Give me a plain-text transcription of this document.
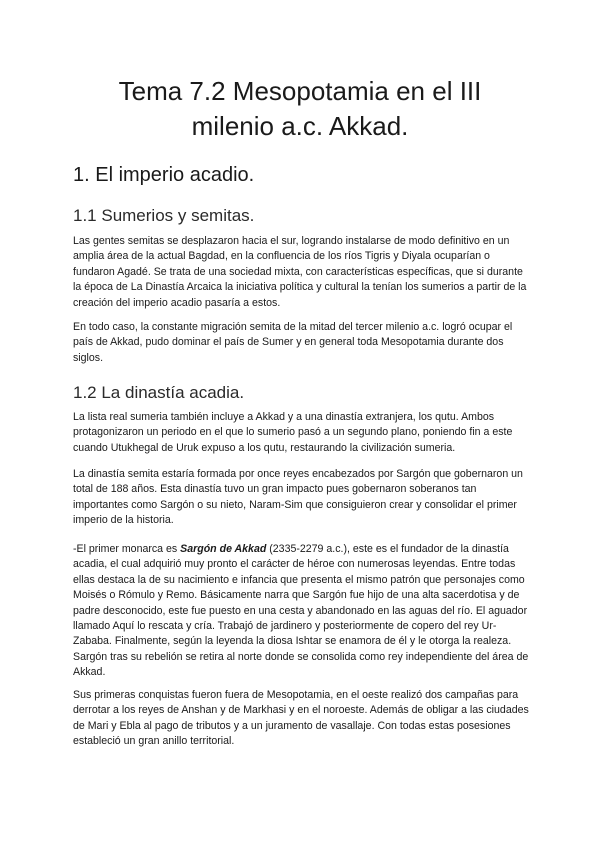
Tema 7.2 Mesopotamia en el III
milenio a.c. Akkad.
1. El imperio acadio.
1.1 Sumerios y semitas.

Las gentes semitas se desplazaron hacia el sur, logrando instalarse de modo definitivo en un amplia área de la actual Bagdad, en la confluencia de los ríos Tigris y Diyala ocuparían o fundaron Agadé. Se trata de una sociedad mixta, con características específicas, que si durante la época de La Dinastía Arcaica la iniciativa política y cultural la tenían los sumerios a partir de la creación del imperio acadio pasaría a estos.

En todo caso, la constante migración semita de la mitad del tercer milenio a.c. logró ocupar el país de Akkad, pudo dominar el país de Sumer y en general toda Mesopotamia durante dos siglos.

1.2 La dinastía acadia.

La lista real sumeria también incluye a Akkad y a una dinastía extranjera, los qutu. Ambos protagonizaron un periodo en el que lo sumerio pasó a un segundo plano, poniendo fin a este cuando Utukhegal de Uruk expuso a los qutu, restaurando la civilización sumeria.

La dinastía semita estaría formada por once reyes encabezados por Sargón que gobernaron un total de 188 años. Esta dinastía tuvo un gran impacto pues gobernaron soberanos tan importantes como Sargón o su nieto, Naram-Sim que consiguieron crear y consolidar el primer imperio de la historia.

-El primer monarca es Sargón de Akkad (2335-2279 a.c.), este es el fundador de la dinastía acadia, el cual adquirió muy pronto el carácter de héroe con numerosas leyendas. Entre todas ellas destaca la de su nacimiento e infancia que presenta el mismo patrón que personajes como Moisés o Rómulo y Remo. Básicamente narra que Sargón fue hijo de una alta sacerdotisa y de padre desconocido, este fue puesto en una cesta y abandonado en las aguas del río. El aguador llamado Aquí lo rescata y cría. Trabajó de jardinero y posteriormente de copero del rey Ur-Zababa. Finalmente, según la leyenda la diosa Ishtar se enamora de él y le otorga la realeza. Sargón tras su rebelión se retira al norte donde se consolida como rey independiente del área de Akkad.

Sus primeras conquistas fueron fuera de Mesopotamia, en el oeste realizó dos campañas para derrotar a los reyes de Anshan y de Markhasi y en el noroeste. Además de obligar a las ciudades de Mari y Ebla al pago de tributos y a un juramento de vasallaje. Con todas estas posesiones estableció un gran anillo territorial.
